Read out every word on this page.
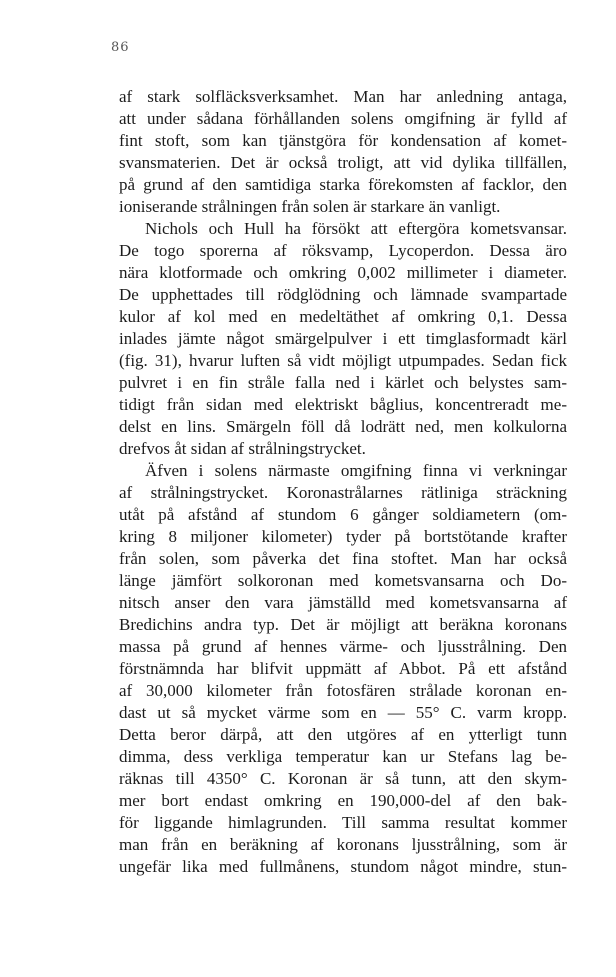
86
af stark solfläcksverksamhet. Man har anledning antaga,
att under sådana förhållanden solens omgifning är fylld af
fint stoft, som kan tjänstgöra för kondensation af komet-
svansmaterien. Det är också troligt, att vid dylika tillfällen,
på grund af den samtidiga starka förekomsten af facklor, den
ioniserande strålningen från solen är starkare än vanligt.
Nichols och Hull ha försökt att eftergöra kometsvansar.
De togo sporerna af röksvamp, Lycoperdon. Dessa äro
nära klotformade och omkring 0,002 millimeter i diameter.
De upphettades till rödglödning och lämnade svampartade
kulor af kol med en medeltäthet af omkring 0,1. Dessa
inlades jämte något smärgelpulver i ett timglasformadt kärl
(fig. 31), hvarur luften så vidt möjligt utpumpades. Sedan fick
pulvret i en fin stråle falla ned i kärlet och belystes sam-
tidigt från sidan med elektriskt båglius, koncentreradt me-
delst en lins. Smärgeln föll då lodrätt ned, men kolkulorna
drefvos åt sidan af strålningstrycket.
Äfven i solens närmaste omgifning finna vi verkningar
af strålningstrycket. Koronastrålarnes rätliniga sträckning
utåt på afstånd af stundom 6 gånger soldiametern (om-
kring 8 miljoner kilometer) tyder på bortstötande krafter
från solen, som påverka det fina stoftet. Man har också
länge jämfört solkoronan med kometsvansarna och Do-
nitsch anser den vara jämställd med kometsvansarna af
Bredichins andra typ. Det är möjligt att beräkna koronans
massa på grund af hennes värme- och ljusstrålning. Den
förstnämnda har blifvit uppmätt af Abbot. På ett afstånd
af 30,000 kilometer från fotosfären strålade koronan en-
dast ut så mycket värme som en — 55° C. varm kropp.
Detta beror därpå, att den utgöres af en ytterligt tunn
dimma, dess verkliga temperatur kan ur Stefans lag be-
räknas till 4350° C. Koronan är så tunn, att den skym-
mer bort endast omkring en 190,000-del af den bak-
för liggande himlagrunden. Till samma resultat kommer
man från en beräkning af koronans ljusstrålning, som är
ungefär lika med fullmånens, stundom något mindre, stun-
